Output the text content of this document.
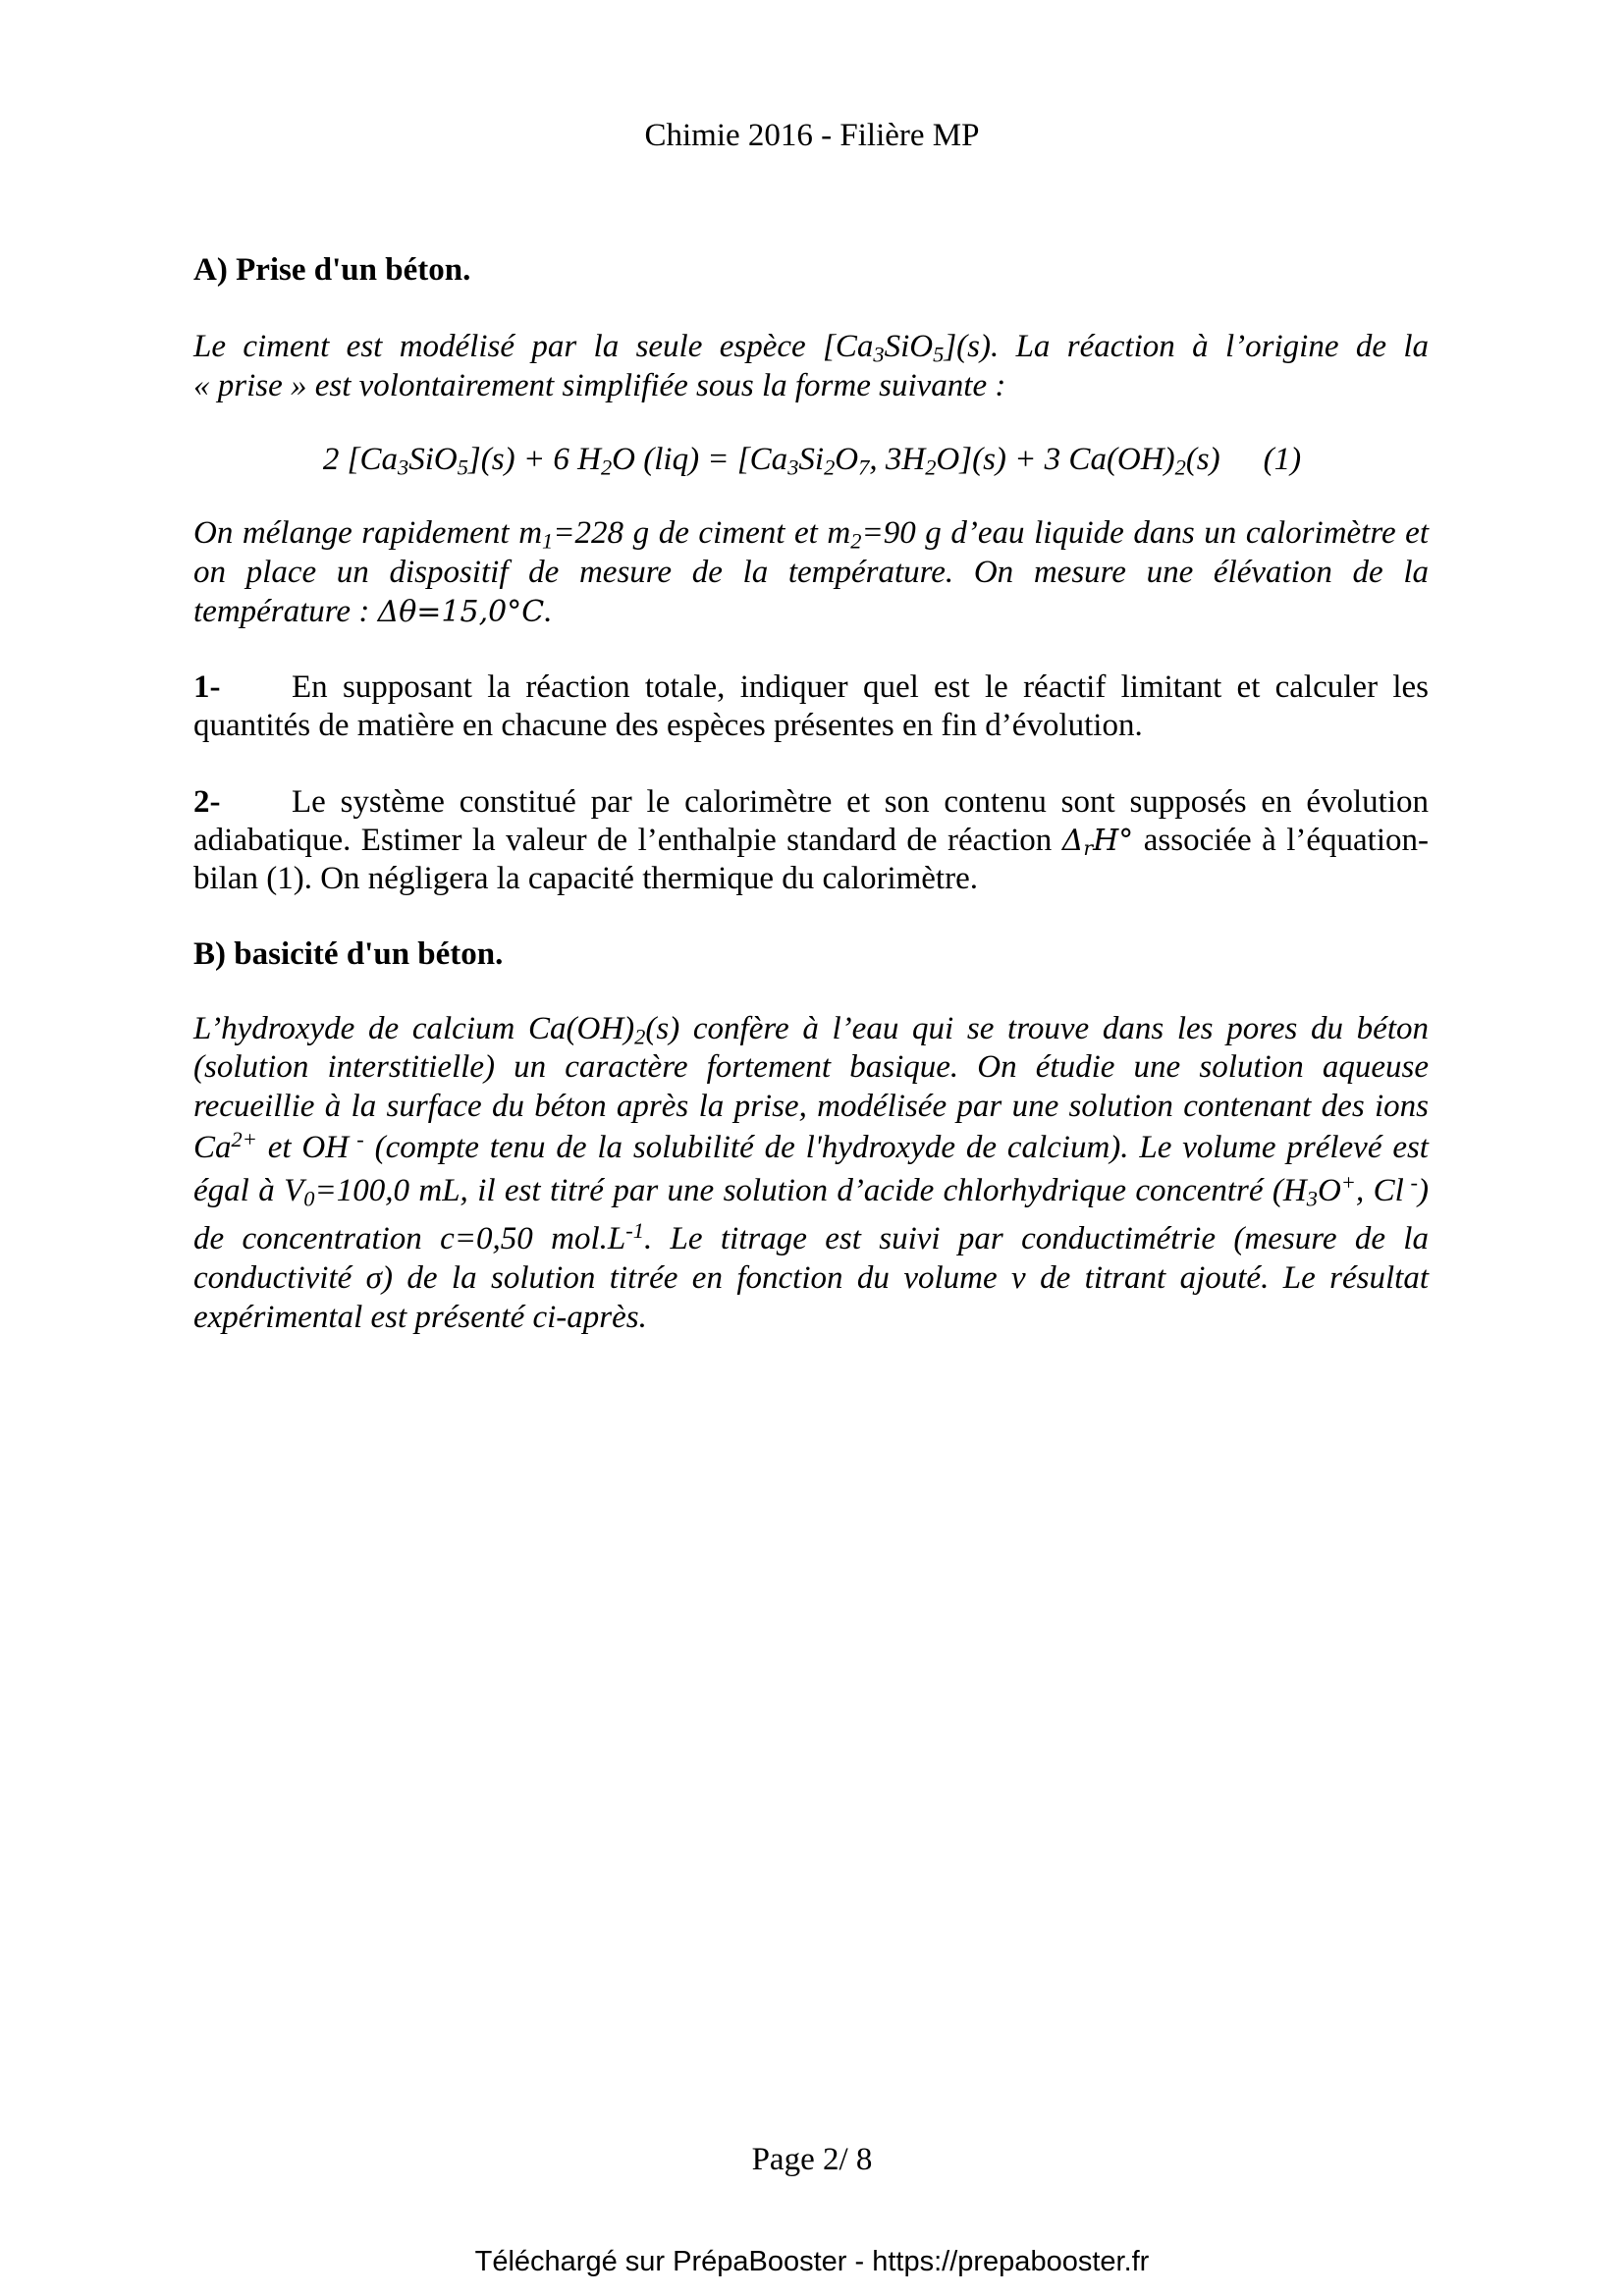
Chimie 2016 - Filière MP
A) Prise d'un béton.
Le ciment est modélisé par la seule espèce $[Ca_3SiO_5](s)$. La réaction à l’origine de la
« prise » est volontairement simplifiée sous la forme suivante :
2 $[Ca_3SiO_5](s) + 6$ $H_2O$ $(liq) = [Ca_3Si_2O_7$, $3H_2O](s) + 3$ $Ca(OH)_2(s)$ (1)
On mélange rapidement $m_1=228$ g de ciment et $m_2=90$ g d’eau liquide dans un calorimètre et
on place un dispositif de mesure de la température. On mesure une élévation de la
température : Δθ=15,0°C.
1- En supposant la réaction totale, indiquer quel est le réactif limitant et calculer les
quantités de matière en chacune des espèces présentes en fin d’évolution.
2- Le système constitué par le calorimètre et son contenu sont supposés en évolution
adiabatique. Estimer la valeur de l’enthalpie standard de réaction $\Delta_rH^\circ$ associée à l’équation-
bilan (1). On négligera la capacité thermique du calorimètre.
B) basicité d'un béton.
L’hydroxyde de calcium $Ca(OH)_2(s)$ confère à l’eau qui se trouve dans les pores du béton
(solution interstitielle) un caractère fortement basique. On étudie une solution aqueuse
recueillie à la surface du béton après la prise, modélisée par une solution contenant des ions
$Ca^{2+}$ et OH - (compte tenu de la solubilité de l'hydroxyde de calcium). Le volume prélevé est
égal à $V_0=100,0$ mL, il est titré par une solution d’acide chlorhydrique concentré ($H_3O^+$, Cl -)
de concentration c=0,50 $mol.L^{-1}$. Le titrage est suivi par conductimétrie (mesure de la
conductivité σ) de la solution titrée en fonction du volume v de titrant ajouté. Le résultat
expérimental est présenté ci-après.
Page 2/ 8
Téléchargé sur PrépaBooster - https://prepabooster.fr
